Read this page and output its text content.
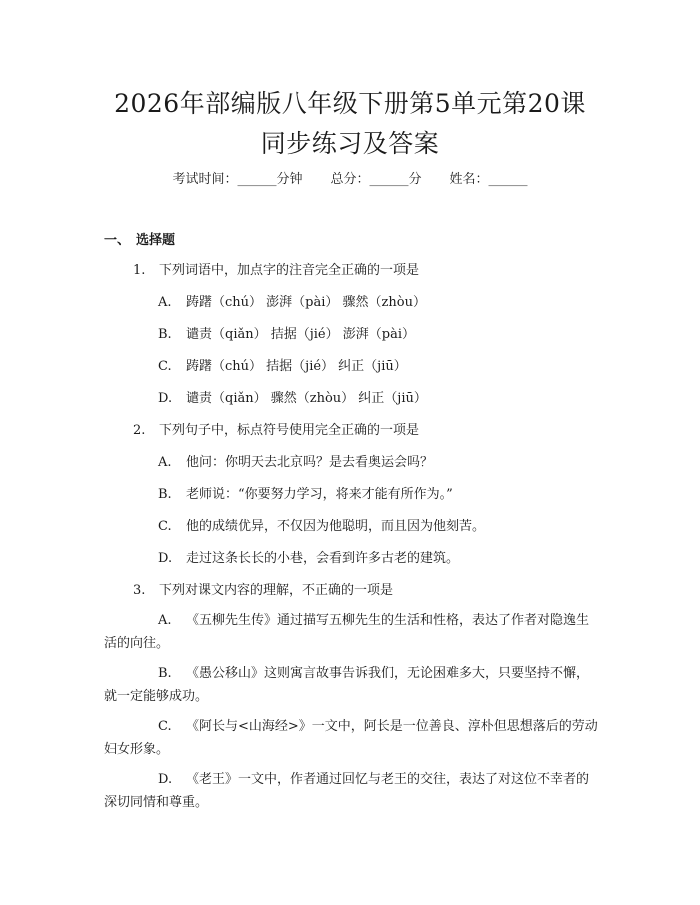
2026年部编版八年级下册第5单元第20课
同步练习及答案
考试时间：______分钟 总分：______分 姓名：______
一、 选择题
1. 下列词语中，加点字的注音完全正确的一项是
A. 踌躇（chú） 澎湃（pài） 骤然（zhòu）
B. 谴责（qiǎn） 拮据（jié） 澎湃（pài）
C. 踌躇（chú） 拮据（jié） 纠正（jiū）
D. 谴责（qiǎn） 骤然（zhòu） 纠正（jiū）
2. 下列句子中，标点符号使用完全正确的一项是
A. 他问：你明天去北京吗？是去看奥运会吗？
B. 老师说：“你要努力学习，将来才能有所作为。”
C. 他的成绩优异，不仅因为他聪明，而且因为他刻苦。
D. 走过这条长长的小巷，会看到许多古老的建筑。
3. 下列对课文内容的理解，不正确的一项是
A. 《五柳先生传》通过描写五柳先生的生活和性格，表达了作者对隐逸生活的向往。
B. 《愚公移山》这则寓言故事告诉我们，无论困难多大，只要坚持不懈，就一定能够成功。
C. 《阿长与<山海经>》一文中，阿长是一位善良、淳朴但思想落后的劳动妇女形象。
D. 《老王》一文中，作者通过回忆与老王的交往，表达了对这位不幸者的深切同情和尊重。
